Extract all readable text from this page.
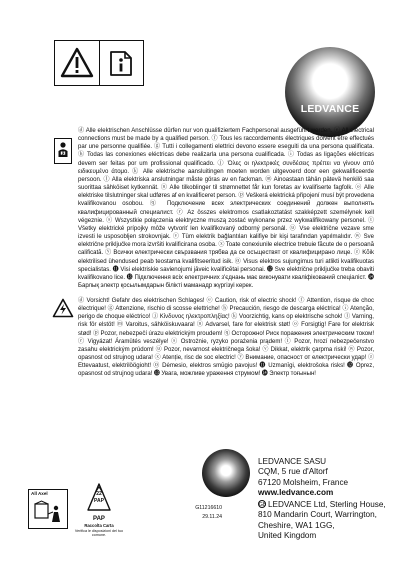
LEDVANCE
ⓓ Alle elektrischen Anschlüsse dürfen nur von qualifiziertem Fachpersonal ausgeführt werden. ⓔ All electrical connections must be made by a qualified person. ⓕ Tous les raccordements électriques doivent être effectués par une personne qualifiée. ⓖ Tutti i collegamenti elettrici devono essere eseguiti da una persona qualificata. ⓗ Todas las conexiones eléctricas debe realizarla una persona cualificada. ⓘ Todas as ligações eléctricas devem ser feitas por um profissional qualificado. ⓙ Όλες οι ηλεκτρικές συνδέσεις πρέπει να γίνουν από ειδικευμένο άτομο. ⓚ Alle elektrische aansluitingen moeten worden uitgevoerd door een gekwalificeerde persoon. ⓛ Alla elektriska anslutningar måste göras av en fackman. ⓜ Ainoastaan tähän pätevä henkilö saa suorittaa sähköiset kytkennät. ⓝ Alle tilkoblinger til strømnettet får kun foretas av kvalifiserte fagfolk. ⓞ Alle elektriske tilslutninger skal udføres af en kvalificeret person. ⓟ Veškerá elektrická připojení musí být provedena kvalifikovanou osobou. ⓠ Подключение всех электрических соединений должен выполнять квалифицированный специалист. ⓡ Az összes elektromos csatlakoztatást szakképzett személynek kell végeznie. ⓢ Wszystkie połączenia elektryczne muszą zostać wykonane przez wykwalifikowany personel. ⓣ Všetky elektrické prípojky môže vytvoriť len kvalifikovaný odborný personál. ⓤ Vse električne vezave sme izvesti le usposobljen strokovnjak. ⓥ Tüm elektrik bağlantıları kalifiye bir kişi tarafından yapılmalıdır. ⓦ Sve električne priključke mora izvršiti kvalificirana osoba. ⓧ Toate conexiunile electrice trebuie făcute de o persoană calificată. ⓨ Всички електрически свързвания трябва да се осъществят от квалифицирано лице. ⓩ Kõik elektrilised ühendused peab teostama kvalifitseeritud isik. ⓪ Visus elektros sujungimus turi atlikti kvalifikuotas specialistas. ⓫ Visi elektriskie savienojumi jāveic kvalificētai personai. ⓬ Sve električne priključke treba obaviti kvalifikovano lice. ⓭ Підключення всіх електричних з'єднань має виконувати кваліфікований спеціаліст. ⓮ Барлық электр қосылымдарын білікті маманадр жүргізуі керек.
ⓓ Vorsicht! Gefahr des elektrischen Schlages! ⓔ Caution, risk of electric shock! ⓕ Attention, risque de choc électrique! ⓖ Attenzione, rischio di scosse elettriche! ⓗ Precaución, riesgo de descarga eléctrica! ⓘ Atenção, perigo de choque eléctrico! ⓙ Κίνδυνος ηλεκτροπληξίας! ⓚ Voorzichtig, kans op elektrische schok! ⓛ Varning, risk för elstöt! ⓜ Varoitus, sähköiskuvaara! ⓝ Advarsel, fare for elektrisk støt! ⓞ Forsigtig! Fare for elektrisk stød! ⓟ Pozor, nebezpečí úrazu elektrickým proudem! ⓠ Осторожно! Риск поражения электрическим током! ⓡ Vigyázat! Áramütés veszélye! ⓢ Ostrożnie, ryzyko porażenia prądem! ⓣ Pozor, hrozí nebezpečenstvo zasahu elektrickým prúdom! ⓤ Pozor, nevarnost električnega šoka! ⓥ Dikkat, elektrik çarpma riski! ⓦ Pozor, opasnost od strujnog udara! ⓧ Atenție, risc de soc electric! ⓨ Внимание, опасност от електрически удар! ⓩ Ettevaatust, elektrilöögioht! ⓪ Dėmesio, elektros smūgio pavojus! ⓫ Uzmanīgi, elektrošoka risks! ⓬ Oprez, opasnost od strujnog udara! ⓭ Увага, можливе ураження струмом! ⓮ Электр тоғынын!
All Axel	22
PAP
PAP
Raccolta Carta
Verifica le disposizioni del tuo comune.
G11216610
29.11.24
LEDVANCE SASU
CQM, 5 rue d'Altorf
67120 Molsheim, France
www.ledvance.com
GB LEDVANCE Ltd, Sterling House,
810 Mandarin Court, Warrington,
Cheshire, WA1 1GG,
United Kingdom
